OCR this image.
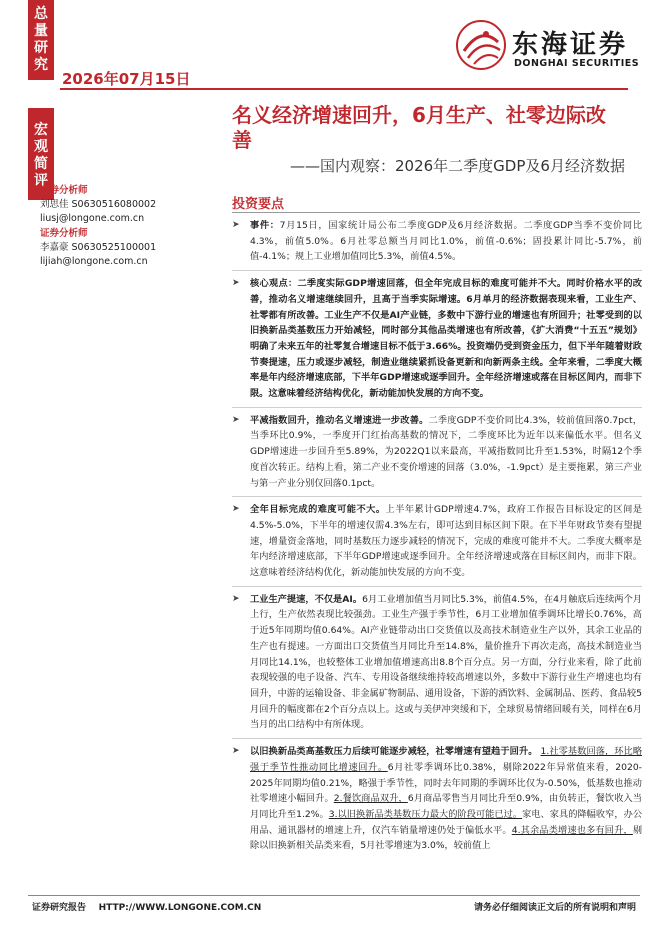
总
量
研
究
宏
观
简
评
2026年07月15日
东海证券
DONGHAI SECURITIES
名义经济增速回升，6月生产、社零边际改善
——国内观察：2026年二季度GDP及6月经济数据
证券分析师
刘思佳 S0630516080002
liusj@longone.com.cn
证券分析师
李嘉豪 S0630525100001
lijiah@longone.com.cn
投资要点
➤ 事件：7月15日，国家统计局公布二季度GDP及6月经济数据。二季度GDP当季不变价同比4.3%，前值5.0%。6月社零总额当月同比1.0%，前值-0.6%；固投累计同比-5.7%，前值-4.1%；规上工业增加值同比5.3%，前值4.5%。
➤ 核心观点：二季度实际GDP增速回落，但全年完成目标的难度可能并不大。同时价格水平的改善，推动名义增速继续回升，且高于当季实际增速。6月单月的经济数据表现来看，工业生产、社零都有所改善。工业生产不仅是AI产业链，多数中下游行业的增速也有所回升；社零受到的以旧换新品类基数压力开始减轻，同时部分其他品类增速也有所改善，《扩大消费“十五五”规划》明确了未来五年的社零复合增速目标不低于3.66%。投资端仍受到资金压力，但下半年随着财政节奏提速，压力或逐步减轻，制造业继续紧抓设备更新和向新两条主线。全年来看，二季度大概率是年内经济增速底部，下半年GDP增速或逐季回升。全年经济增速或落在目标区间内，而非下限。这意味着经济结构优化，新动能加快发展的方向不变。
➤ 平减指数回升，推动名义增速进一步改善。二季度GDP不变价同比4.3%，较前值回落0.7pct，当季环比0.9%，一季度开门红抬高基数的情况下，二季度环比为近年以来偏低水平。但名义GDP增速进一步回升至5.89%，为2022Q1以来最高，平减指数同比升至1.53%，时隔12个季度首次转正。结构上看，第二产业不变价增速的回落（3.0%，-1.9pct）是主要拖累，第三产业与第一产业分别仅回落0.1pct。
➤ 全年目标完成的难度可能不大。上半年累计GDP增速4.7%，政府工作报告目标设定的区间是4.5%-5.0%，下半年的增速仅需4.3%左右，即可达到目标区间下限。在下半年财政节奏有望提速，增量资金落地，同时基数压力逐步减轻的情况下，完成的难度可能并不大。二季度大概率是年内经济增速底部，下半年GDP增速或逐季回升。全年经济增速或落在目标区间内，而非下限。这意味着经济结构优化，新动能加快发展的方向不变。
➤ 工业生产提速，不仅是AI。6月工业增加值当月同比5.3%，前值4.5%，在4月触底后连续两个月上行，生产依然表现比较强劲。工业生产强于季节性，6月工业增加值季调环比增长0.76%，高于近5年同期均值0.64%。AI产业链带动出口交货值以及高技术制造业生产以外，其余工业品的生产也有提速。一方面出口交货值当月同比升至14.8%，量价推升下再次走高，高技术制造业当月同比14.1%，也较整体工业增加值增速高出8.8个百分点。另一方面，分行业来看，除了此前表现较强的电子设备、汽车、专用设备继续维持较高增速以外，多数中下游行业生产增速也均有回升，中游的运输设备、非金属矿物制品、通用设备，下游的酒饮料、金属制品、医药、食品较5月回升的幅度都在2个百分点以上。这或与美伊冲突缓和下，全球贸易情绪回暖有关，同样在6月当月的出口结构中有所体现。
➤ 以旧换新品类高基数压力后续可能逐步减轻，社零增速有望趋于回升。 1.社零基数回落，环比略强于季节性推动同比增速回升。6月社零季调环比0.38%，剔除2022年异常值来看，2020-2025年同期均值0.21%，略强于季节性，同时去年同期的季调环比仅为-0.50%，低基数也推动社零增速小幅回升。2.餐饮商品双升，6月商品零售当月同比升至0.9%，由负转正，餐饮收入当月同比升至1.2%。3.以旧换新品类基数压力最大的阶段可能已过。家电、家具的降幅收窄，办公用品、通讯器材的增速上升，仅汽车销量增速仍处于偏低水平。4.其余品类增速也多有回升，剔除以旧换新相关品类来看，5月社零增速为3.0%，较前值上
证券研究报告 HTTP://WWW.LONGONE.COM.CN	请务必仔细阅读正文后的所有说明和声明
